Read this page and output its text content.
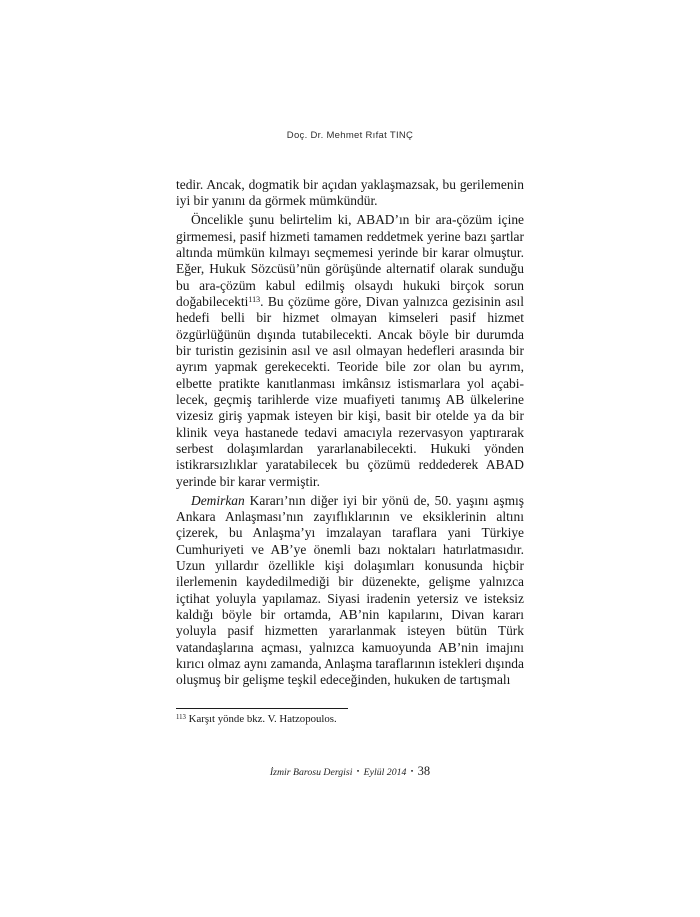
Doç. Dr. Mehmet Rıfat TINÇ

tedir. Ancak, dogmatik bir açıdan yaklaşmazsak, bu gerilemenin iyi bir yanını da görmek mümkündür.

Öncelikle şunu belirtelim ki, ABAD’ın bir ara-çözüm içine girmemesi, pasif hizmeti tamamen reddetmek yerine bazı şartlar altında mümkün kılmayı seçmemesi yerinde bir karar olmuştur. Eğer, Hukuk Sözcüsü’nün görüşünde alternatif olarak sunduğu bu ara-çözüm kabul edilmiş olsaydı hukuki birçok sorun doğabilecekti$^{113}$. Bu çözüme göre, Divan yalnızca gezisinin asıl hedefi belli bir hizmet olmayan kimseleri pasif hizmet özgürlüğünün dışında tutabilecekti. Ancak böyle bir durumda bir turistin gezisinin asıl ve asıl olmayan hedefleri arasında bir ayrım yapmak gerekecekti. Teoride bile zor olan bu ayrım, elbette pratikte kanıtlanması imkânsız istismarlara yol açabi-lecek, geçmiş tarihlerde vize muafiyeti tanımış AB ülkelerine vizesiz giriş yapmak isteyen bir kişi, basit bir otelde ya da bir klinik veya hastanede tedavi amacıyla rezervasyon yaptırarak serbest dolaşımlardan yararlanabilecekti. Hukuki yönden istikrarsızlıklar yaratabilecek bu çözümü reddederek ABAD yerinde bir karar vermiştir.

Demirkan Kararı’nın diğer iyi bir yönü de, 50. yaşını aşmış Ankara Anlaşması’nın zayıflıklarının ve eksiklerinin altını çizerek, bu Anlaşma’yı imzalayan taraflara yani Türkiye Cumhuriyeti ve AB’ye önemli bazı noktaları hatırlatmasıdır. Uzun yıllardır özellikle kişi dolaşımları konusunda hiçbir ilerlemenin kaydedilmediği bir düzenekte, gelişme yalnızca içtihat yoluyla yapılamaz. Siyasi iradenin yetersiz ve isteksiz kaldığı böyle bir ortamda, AB’nin kapılarını, Divan kararı yoluyla pasif hizmetten yararlanmak isteyen bütün Türk vatandaşlarına açması, yalnızca kamuoyunda AB’nin imajını kırıcı olmaz aynı zamanda, Anlaşma taraflarının istekleri dışında oluşmuş bir gelişme teşkil edeceğinden, hukuken de tartışmalı

$^{113}$ Karşıt yönde bkz. V. Hatzopoulos.
İzmir Barosu Dergisi ▪ Eylül 2014 ▪ 38
